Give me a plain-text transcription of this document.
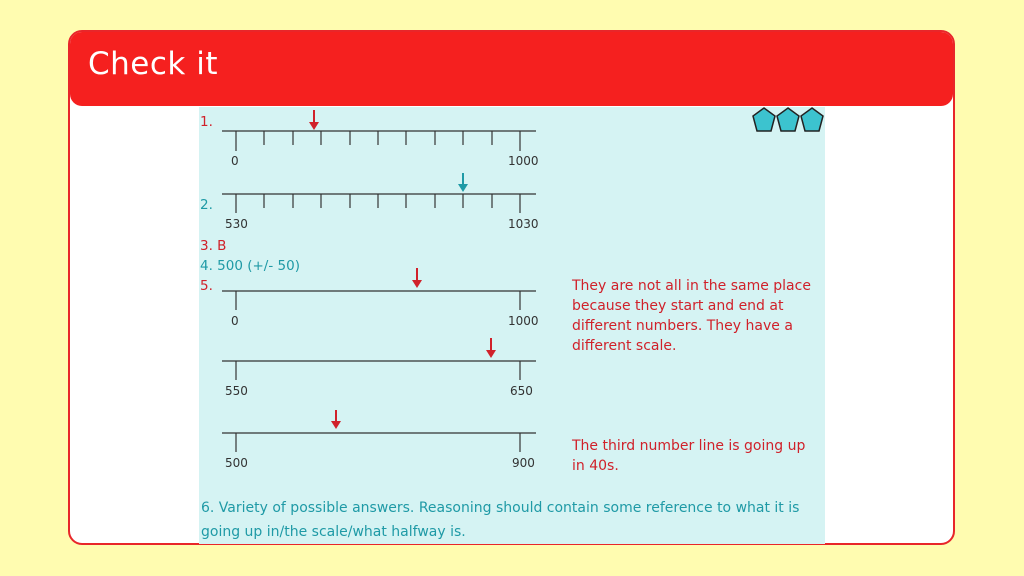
Check it
1.
0	1000
2.
530	1030
3. B
4. 500 (+/- 50)
5.
0	1000
550	650
500	900
They are not all in the same place because they start and end at different numbers. They have a different scale.
The third number line is going up in 40s.
6. Variety of possible answers. Reasoning should contain some reference to what it is going up in/the scale/what halfway is.
